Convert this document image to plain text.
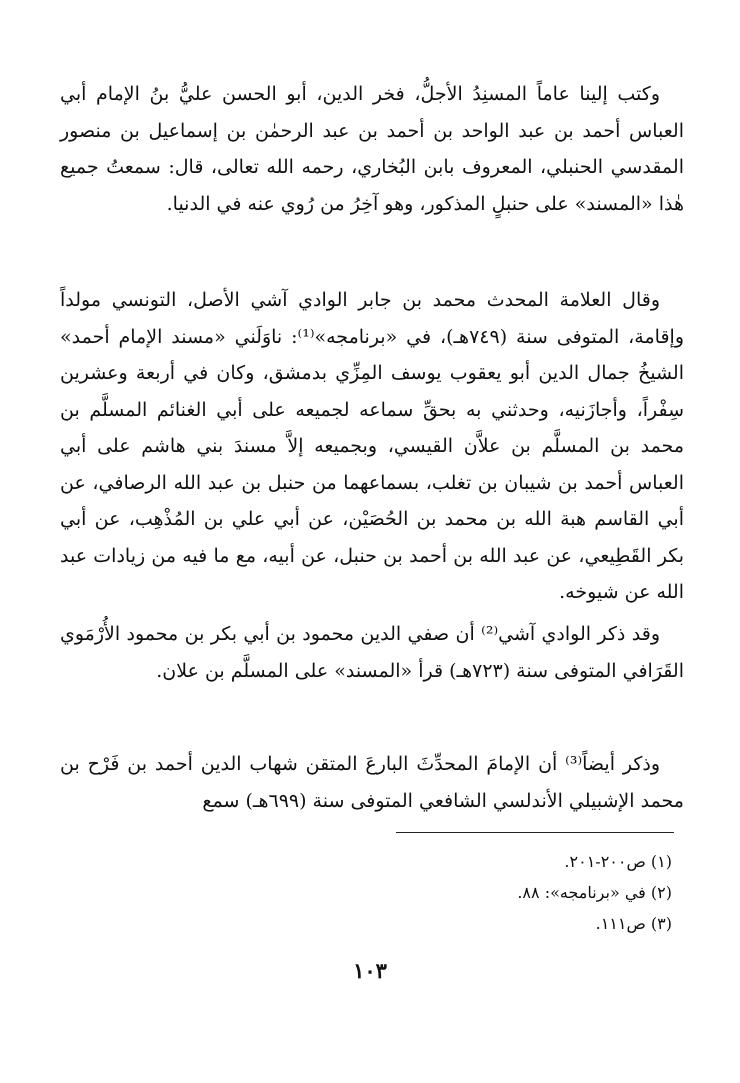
وكتب إلينا عاماً المسنِدُ الأجلُّ، فخر الدين، أبو الحسن عليُّ بنُ الإمام أبي العباس أحمد بن عبد الواحد بن أحمد بن عبد الرحمٰن بن إسماعيل بن منصور المقدسي الحنبلي، المعروف بابن البُخاري، رحمه الله تعالى، قال: سمعتُ جميع هٰذا «المسند» على حنبلٍ المذكور، وهو آخِرُ من رُوي عنه في الدنيا.

وقال العلامة المحدث محمد بن جابر الوادي آشي الأصل، التونسي مولداً وإقامة، المتوفى سنة (٧٤٩هـ)، في «برنامجه»⁽¹⁾: ناوَلَني «مسند الإمام أحمد» الشيخُ جمال الدين أبو يعقوب يوسف المِزِّي بدمشق، وكان في أربعة وعشرين سِفْراً، وأجازَنيه، وحدثني به بحقِّ سماعه لجميعه على أبي الغنائم المسلَّم بن محمد بن المسلَّم بن علاَّن القيسي، وبجميعه إلاَّ مسندَ بني هاشم على أبي العباس أحمد بن شيبان بن تغلب، بسماعهما من حنبل بن عبد الله الرصافي، عن أبي القاسم هبة الله بن محمد بن الحُصَيْن، عن أبي علي بن المُذْهِب، عن أبي بكر القَطِيعي، عن عبد الله بن أحمد بن حنبل، عن أبيه، مع ما فيه من زيادات عبد الله عن شيوخه.

وقد ذكر الوادي آشي⁽²⁾ أن صفي الدين محمود بن أبي بكر بن محمود الأُرْمَوي القَرَافي المتوفى سنة (٧٢٣هـ) قرأ «المسند» على المسلَّم بن علان.

وذكر أيضاً⁽³⁾ أن الإمامَ المحدِّثَ البارعَ المتقن شهاب الدين أحمد بن فَرْح بن محمد الإشبيلي الأندلسي الشافعي المتوفى سنة (٦٩٩هـ) سمع

(١) ص٢٠٠-٢٠١.
(٢) في «برنامجه»: ٨٨.
(٣) ص١١١.
١٠٣
